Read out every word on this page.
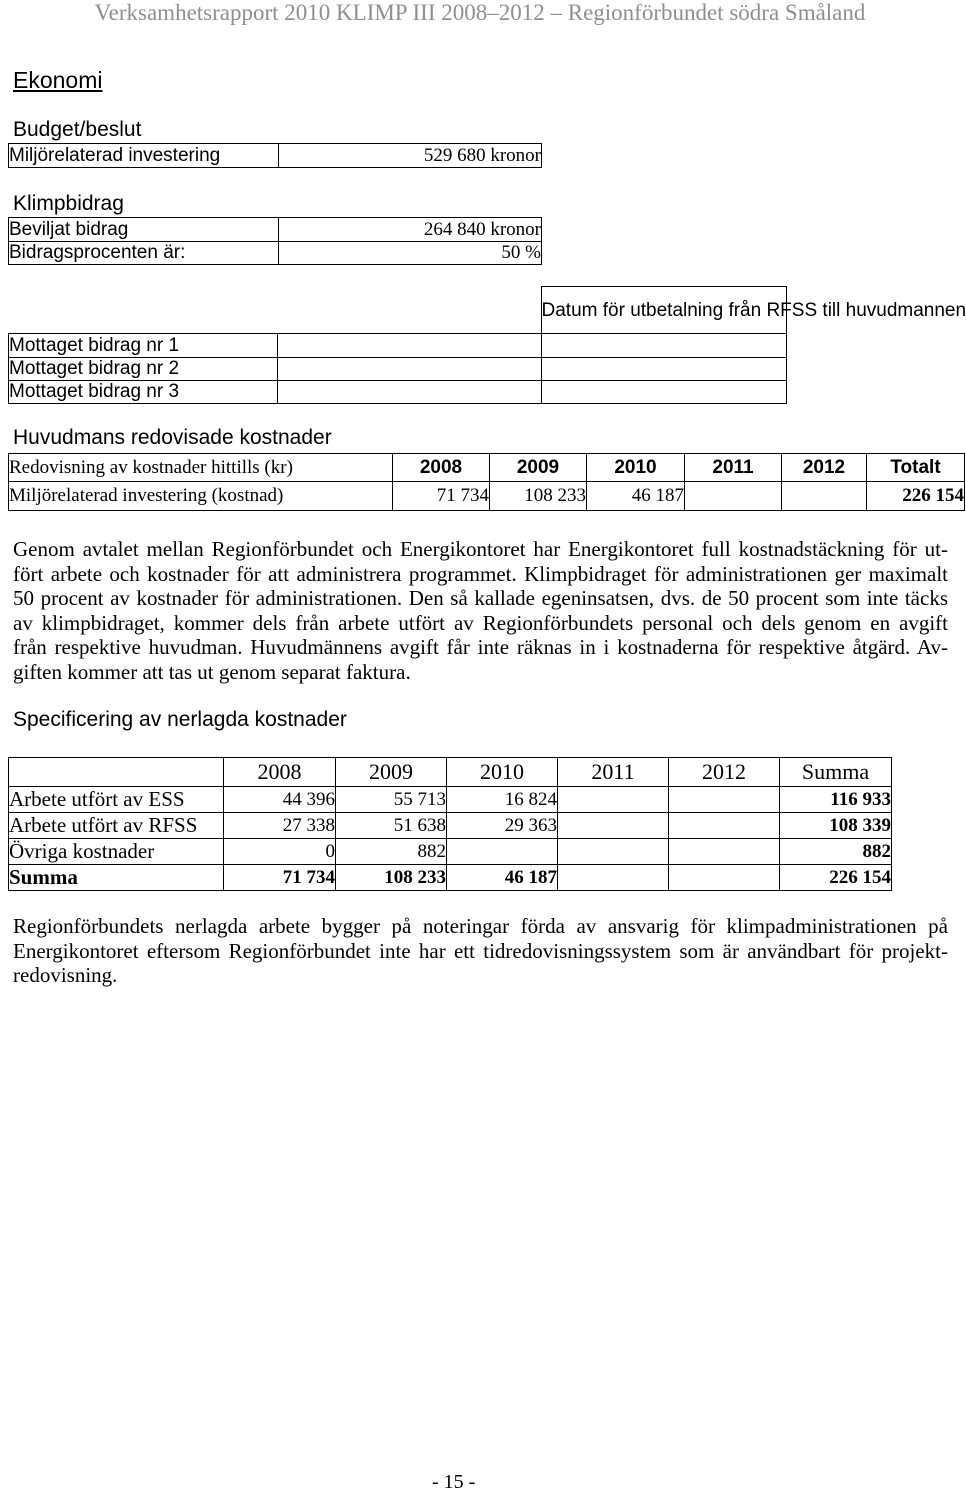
Verksamhetsrapport 2010 KLIMP III 2008–2012 – Regionförbundet södra Småland
Ekonomi
Budget/beslut
Miljörelaterad investering	529 680 kronor
Klimpbidrag
Beviljat bidrag	264 840 kronor
Bidragsprocenten är:	50 %
		Datum för utbetalning från RFSS till huvudmannen
Mottaget bidrag nr 1		
Mottaget bidrag nr 2		
Mottaget bidrag nr 3		
Huvudmans redovisade kostnader
Redovisning av kostnader hittills (kr)	2008	2009	2010	2011	2012	Totalt
Miljörelaterad investering (kostnad)	71 734	108 233	46 187			226 154
Genom avtalet mellan Regionförbundet och Energikontoret har Energikontoret full kostnadstäckning för ut-
fört arbete och kostnader för att administrera programmet. Klimpbidraget för administrationen ger maximalt
50 procent av kostnader för administrationen. Den så kallade egeninsatsen, dvs. de 50 procent som inte täcks
av klimpbidraget, kommer dels från arbete utfört av Regionförbundets personal och dels genom en avgift
från respektive huvudman. Huvudmännens avgift får inte räknas in i kostnaderna för respektive åtgärd. Av-
giften kommer att tas ut genom separat faktura.
Specificering av nerlagda kostnader
	2008	2009	2010	2011	2012	Summa
Arbete utfört av ESS	44 396	55 713	16 824			116 933
Arbete utfört av RFSS	27 338	51 638	29 363			108 339
Övriga kostnader	0	882				882
Summa	71 734	108 233	46 187			226 154
Regionförbundets nerlagda arbete bygger på noteringar förda av ansvarig för klimpadministrationen på
Energikontoret eftersom Regionförbundet inte har ett tidredovisningssystem som är användbart för projekt-
redovisning.
- 15 -
